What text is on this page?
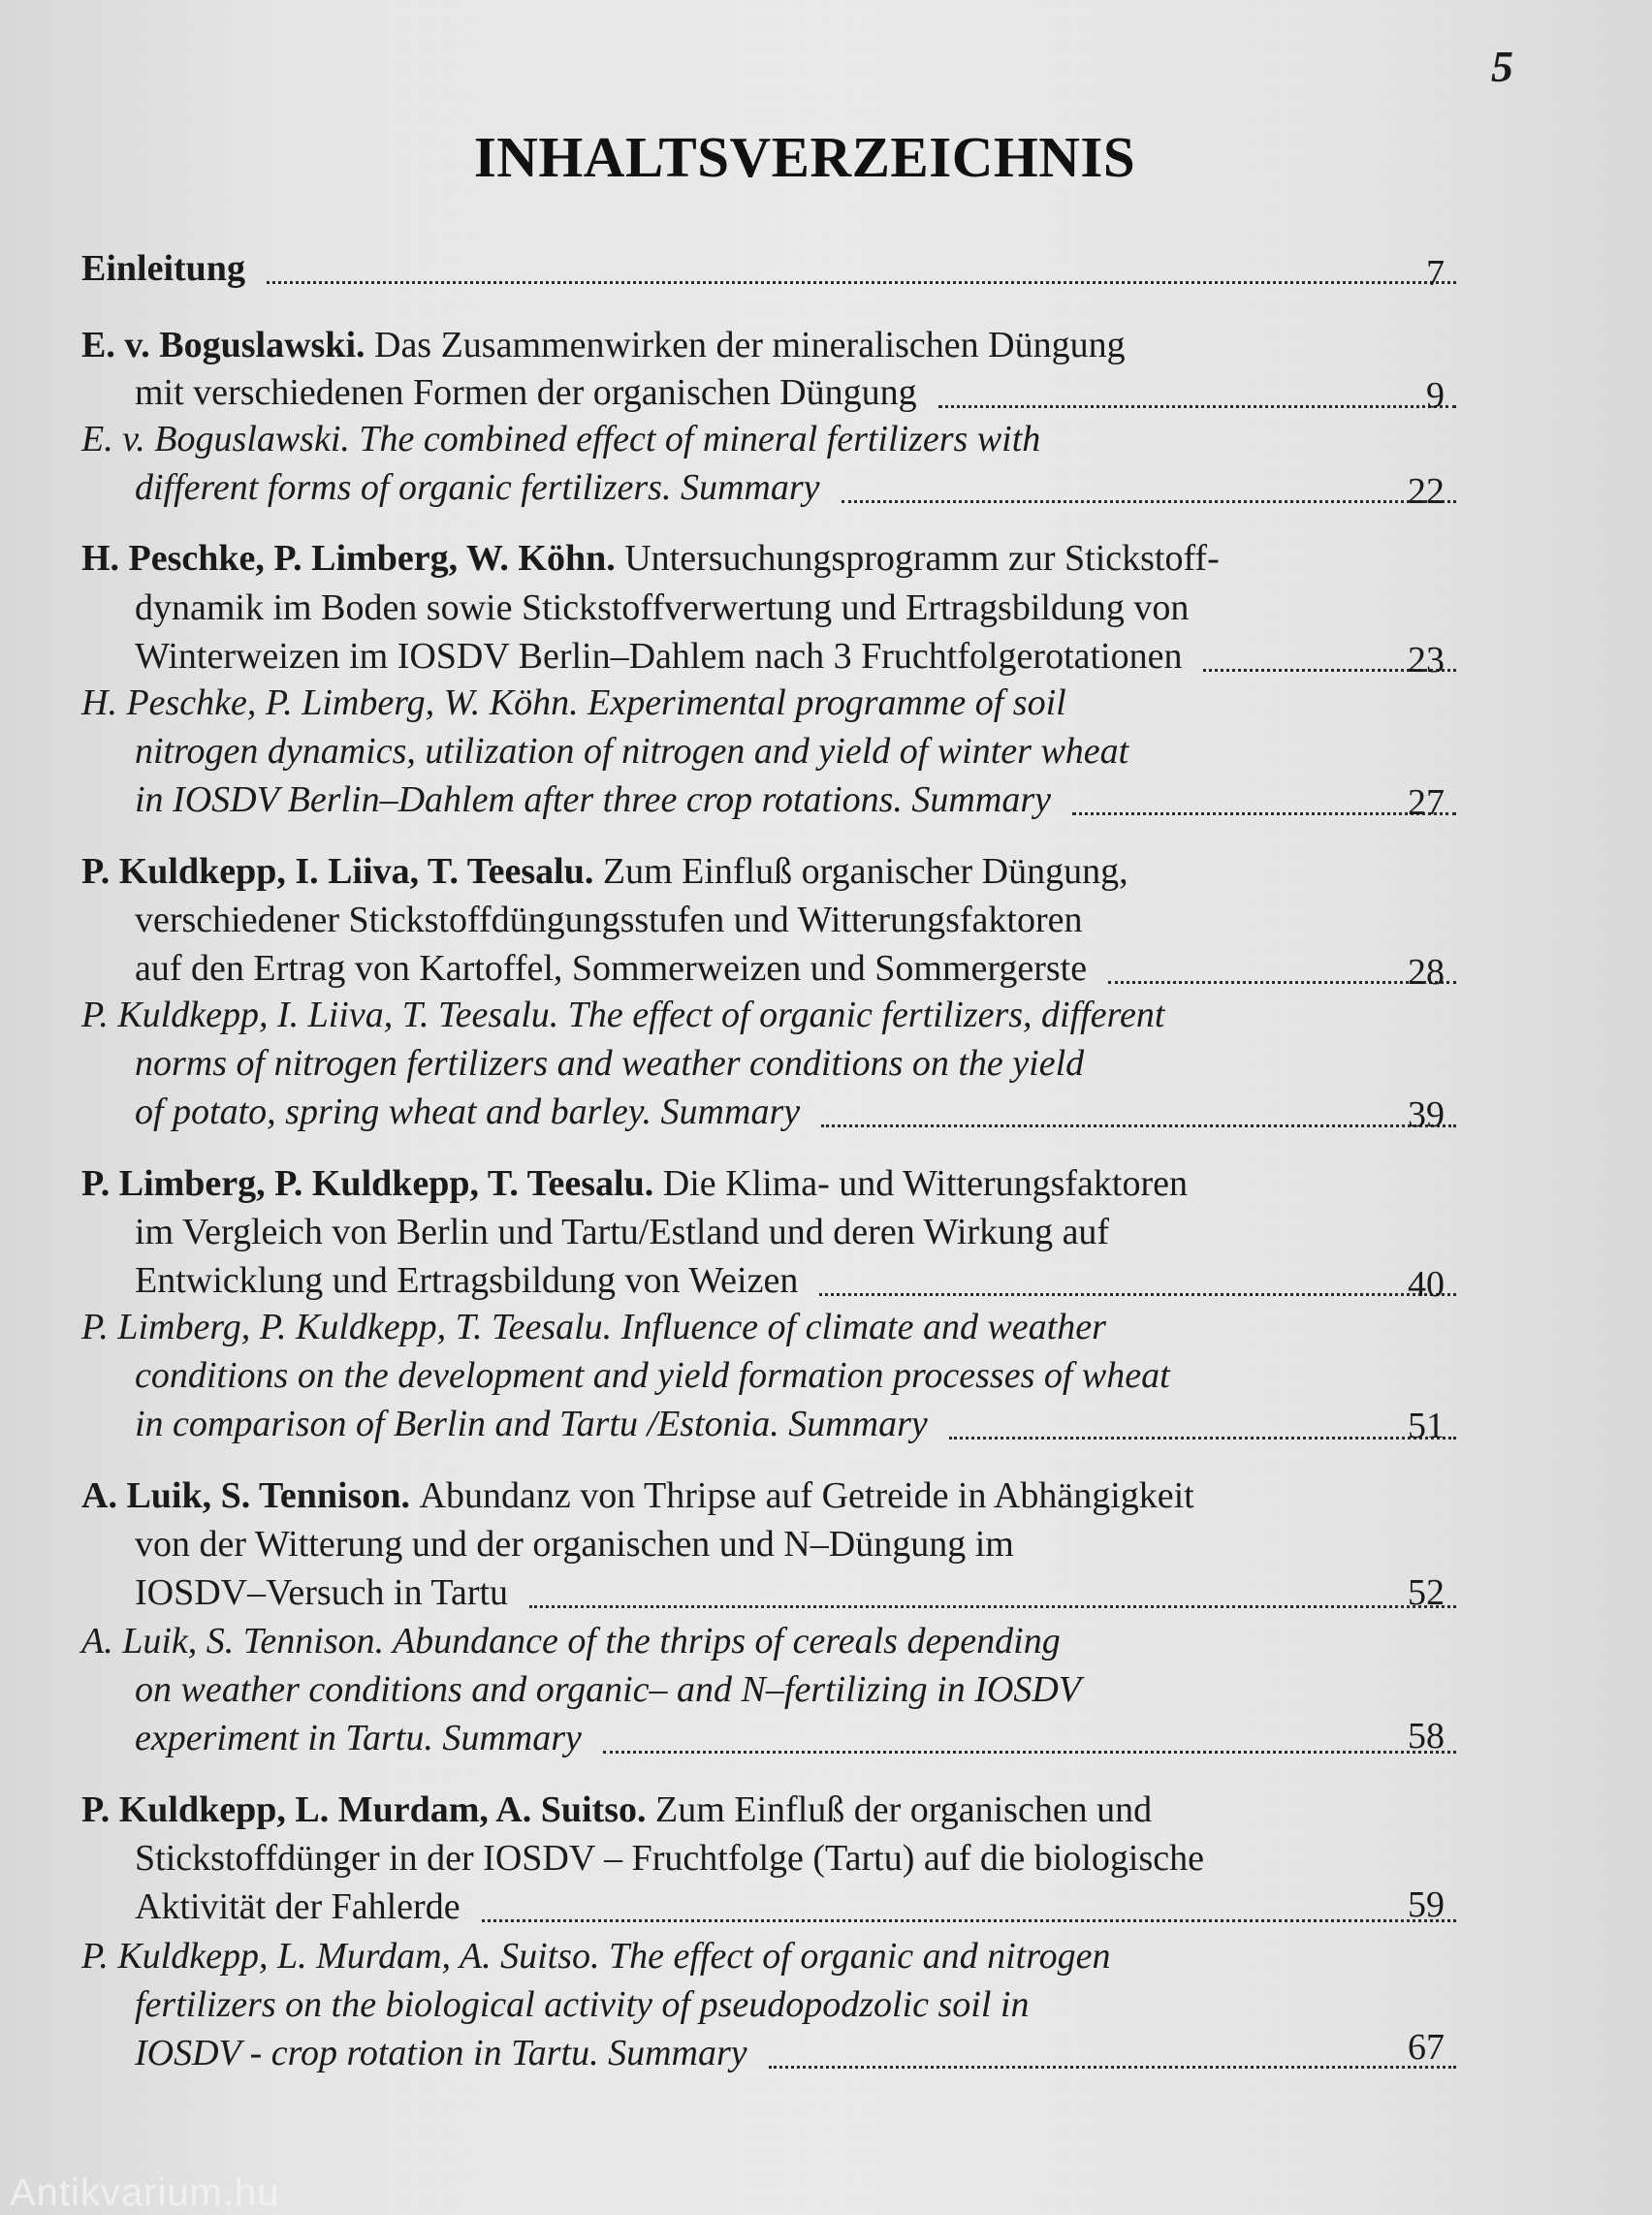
5
INHALTSVERZEICHNIS
Einleitung	7
E. v. Boguslawski.
Das Zusammenwirken der mineralischen Düngung
mit verschiedenen Formen der organischen Düngung	9
E. v. Boguslawski. The combined effect of mineral fertilizers with
different forms of organic fertilizers. Summary	22
H. Peschke, P. Limberg, W. Köhn.
Untersuchungsprogramm zur Stickstoff-
dynamik im Boden sowie Stickstoffverwertung und Ertragsbildung von
Winterweizen im IOSDV Berlin–Dahlem nach 3 Fruchtfolgerotationen	23
H. Peschke, P. Limberg, W. Köhn. Experimental programme of soil
nitrogen dynamics, utilization of nitrogen and yield of winter wheat
in IOSDV Berlin–Dahlem after three crop rotations. Summary	27
P. Kuldkepp, I. Liiva, T. Teesalu.
Zum Einfluß organischer Düngung,
verschiedener Stickstoffdüngungsstufen und Witterungsfaktoren
auf den Ertrag von Kartoffel, Sommerweizen und Sommergerste	28
P. Kuldkepp, I. Liiva, T. Teesalu. The effect of organic fertilizers, different
norms of nitrogen fertilizers and weather conditions on the yield
of potato, spring wheat and barley. Summary	39
P. Limberg, P. Kuldkepp, T. Teesalu.
Die Klima- und Witterungsfaktoren
im Vergleich von Berlin und Tartu/Estland und deren Wirkung auf
Entwicklung und Ertragsbildung von Weizen	40
P. Limberg, P. Kuldkepp, T. Teesalu. Influence of climate and weather
conditions on the development and yield formation processes of wheat
in comparison of Berlin and Tartu /Estonia. Summary	51
A. Luik, S. Tennison.
Abundanz von Thripse auf Getreide in Abhängigkeit
von der Witterung und der organischen und N–Düngung im
IOSDV–Versuch in Tartu	52
A. Luik, S. Tennison. Abundance of the thrips of cereals depending
on weather conditions and organic– and N–fertilizing in IOSDV
experiment in Tartu. Summary	58
P. Kuldkepp, L. Murdam, A. Suitso.
Zum Einfluß der organischen und
Stickstoffdünger in der IOSDV – Fruchtfolge (Tartu) auf die biologische
Aktivität der Fahlerde	59
P. Kuldkepp, L. Murdam, A. Suitso. The effect of organic and nitrogen
fertilizers on the biological activity of pseudopodzolic soil in
IOSDV - crop rotation in Tartu. Summary	67
Antikvarium.hu
